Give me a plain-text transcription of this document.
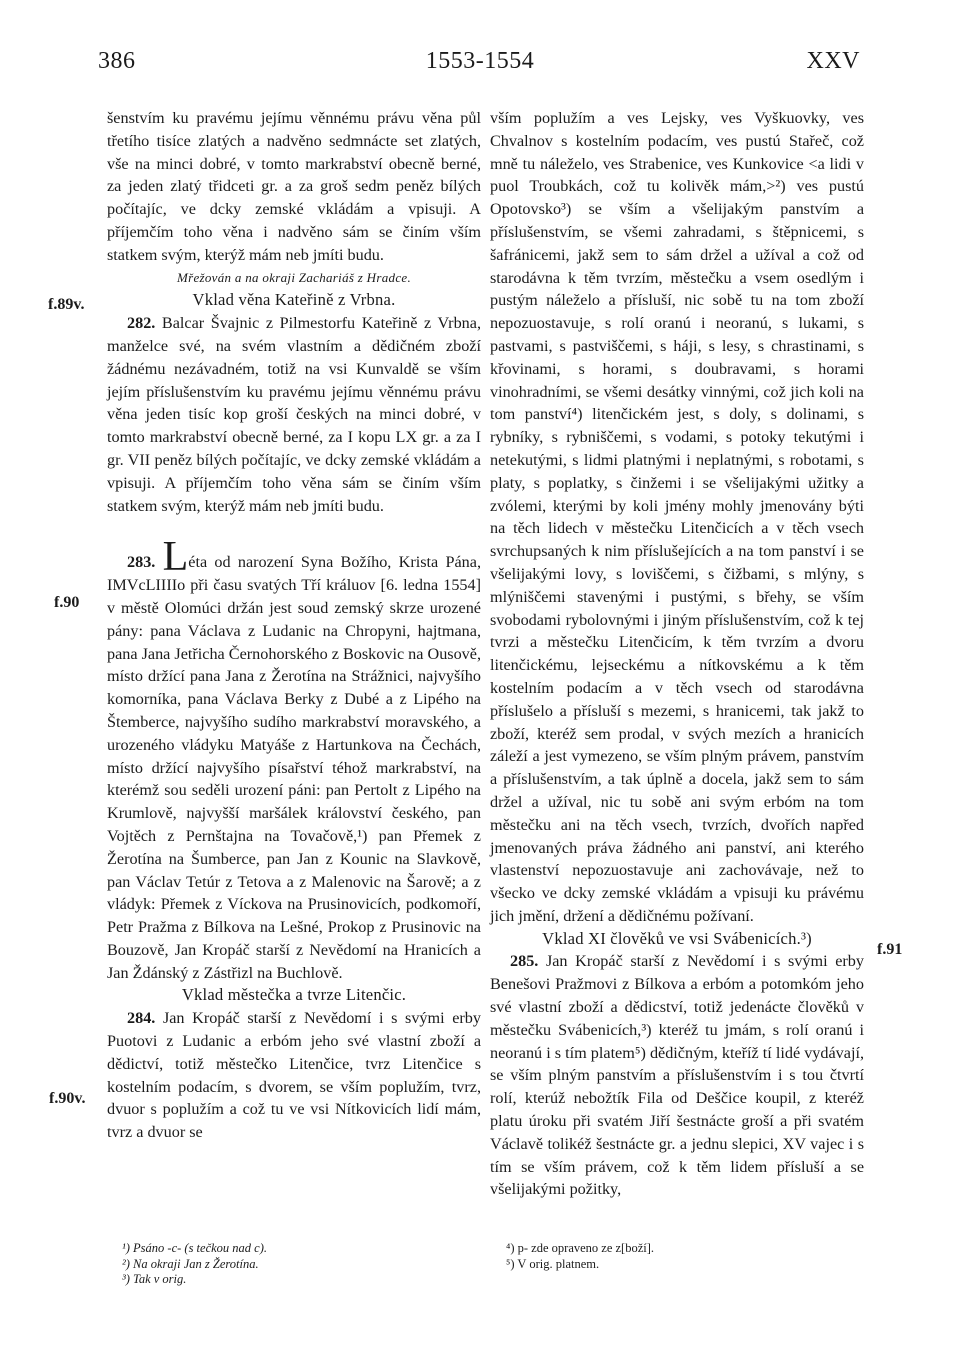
386	1553-1554	XXV
f.89v.
f.90
f.90v.
f.91

šenstvím ku pravému jejímu věnnému právu věna půl třetího tisíce zlatých a nadvěno sedmnácte set zlatých, vše na minci dobré, v tomto markrabství obecně berné, za jeden zlatý třidceti gr. a za groš sedm peněz bílých počítajíc, ve dcky zemské vkládám a vpisuji. A příjemčím toho věna i nadvěno sám se činím vším statkem svým, kterýž mám neb jmíti budu.

Mřežován a na okraji Zachariáš z Hradce.

Vklad věna Kateřině z Vrbna.

282. Balcar Švajnic z Pilmestorfu Kateřině z Vrbna, manželce své, na svém vlastním a dědičném zboží žádnému nezávadném, totiž na vsi Kunvaldě se vším jejím příslušenstvím ku pravému jejímu věnnému právu věna jeden tisíc kop groší českých na minci dobré, v tomto markrabství obecně berné, za I kopu LX gr. a za I gr. VII peněz bílých počítajíc, ve dcky zemské vkládám a vpisuji. A příjemčím toho věna sám se činím vším statkem svým, kterýž mám neb jmíti budu.

283. Léta od narození Syna Božího, Krista Pána, IMVcLIIIIo při času svatých Tří králuov [6. ledna 1554] v městě Olomúci držán jest soud zemský skrze urozené pány: pana Václava z Ludanic na Chropyni, hajtmana, pana Jana Jetřicha Černohorského z Boskovic na Ousově, místo držící pana Jana z Žerotína na Strážnici, najvyšího komorníka, pana Václava Berky z Dubé a z Lipého na Štemberce, najvyšího sudího markrabství moravského, a urozeného vládyku Matyáše z Hartunkova na Čechách, místo držící najvyšího písařství téhož markrabství, na kterémž sou seděli urození páni: pan Pertolt z Lipého na Krumlově, najvyšší maršálek království českého, pan Vojtěch z Pernštajna na Tovačově,¹) pan Přemek z Žerotína na Šumberce, pan Jan z Kounic na Slavkově, pan Václav Tetúr z Tetova a z Malenovic na Šarově; a z vládyk: Přemek z Víckova na Prusinovicích, podkomoří, Petr Pražma z Bílkova na Lešné, Prokop z Prusinovic na Bouzově, Jan Kropáč starší z Nevědomí na Hranicích a Jan Ždánský z Zástřizl na Buchlově.

Vklad městečka a tvrze Litenčic.

284. Jan Kropáč starší z Nevědomí i s svými erby Puotovi z Ludanic a erbóm jeho své vlastní zboží a dědictví, totiž městečko Litenčice, tvrz Litenčice s kostelním podacím, s dvorem, se vším poplužím, tvrz, dvuor s poplužím a což tu ve vsi Nítkovicích lidí mám, tvrz a dvuor se

vším poplužím a ves Lejsky, ves Vyškuovky, ves Chvalnov s kostelním podacím, ves pustú Stařeč, což mně tu náleželo, ves Strabenice, ves Kunkovice <a lidi v puol Troubkách, což tu kolivěk mám,>²) ves pustú Opotovsko³) se vším a všelijakým panstvím a příslušenstvím, se všemi zahradami, s štěpnicemi, s šafránicemi, jakž sem to sám držel a užíval a což od starodávna k těm tvrzím, městečku a vsem osedlým i pustým náleželo a přísluší, nic sobě tu na tom zboží nepozuostavuje, s rolí oranú i neoranú, s lukami, s pastvami, s pastviščemi, s háji, s lesy, s chrastinami, s křovinami, s horami, s doubravami, s horami vinohradními, se všemi desátky vinnými, což jich koli na tom panství⁴) litenčickém jest, s doly, s dolinami, s rybníky, s rybniščemi, s vodami, s potoky tekutými i netekutými, s lidmi platnými i neplatnými, s robotami, s platy, s poplatky, s činžemi i se všelijakými užitky a zvólemi, kterými by koli jmény mohly jmenovány býti na těch lidech v městečku Litenčicích a v těch vsech svrchupsaných k nim příslušejících a na tom panství i se všelijakými lovy, s loviščemi, s čižbami, s mlýny, s mlýniščemi stavenými i pustými, s břehy, se vším svobodami rybolovnými i jiným příslušenstvím, což k tej tvrzi a městečku Litenčicím, k těm tvrzím a dvoru litenčickému, lejseckému a nítkovskému a k těm kostelním podacím a v těch vsech od starodávna příslušelo a přísluší s mezemi, s hranicemi, tak jakž to zboží, kteréž sem prodal, v svých mezích a hranicích záleží a jest vymezeno, se vším plným právem, panstvím a příslušenstvím, a tak úplně a docela, jakž sem to sám držel a užíval, nic tu sobě ani svým erbóm na tom městečku ani na těch vsech, tvrzích, dvořích napřed jmenovaných práva žádného ani panství, ani kterého vlastenství nepozuostavuje ani zachovávaje, než to všecko ve dcky zemské vkládám a vpisuji ku právému jich jmění, držení a dědičnému požívaní.

Vklad XI člověků ve vsi Svábenicích.³)

285. Jan Kropáč starší z Nevědomí i s svými erby Benešovi Pražmovi z Bílkova a erbóm a potomkóm jeho své vlastní zboží a dědicství, totiž jedenácte člověků v městečku Svábenicích,³) kteréž tu jmám, s rolí oranú i neoranú i s tím platem⁵) dědičným, kteříž tí lidé vydávají, se vším plným panstvím a příslušenstvím i s tou čtvrtí rolí, kterúž nebožtík Fila od Deščice koupil, z kteréž platu úroku při svatém Jiří šestnácte groší a při svatém Václavě tolikéž šestnácte gr. a jednu slepici, XV vajec i s tím se vším právem, což k těm lidem přísluší a se všelijakými požitky,

¹) Psáno -c- (s tečkou nad c).
²) Na okraji Jan z Žerotína.
³) Tak v orig.
⁴) p- zde opraveno ze z[boží].
⁵) V orig. platnem.
